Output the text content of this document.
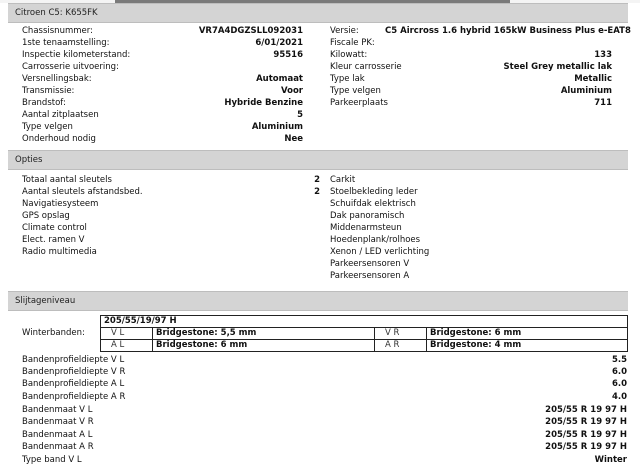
Citroen C5: K655FK
Chassisnummer:	VR7A4DGZSLL092031
1ste tenaamstelling:	6/01/2021
Inspectie kilometerstand:	95516
Carrosserie uitvoering:
Versnellingsbak:	Automaat
Transmissie:	Voor
Brandstof:	Hybride Benzine
Aantal zitplaatsen	5
Type velgen	Aluminium
Onderhoud nodig	Nee
Versie:	C5 Aircross 1.6 hybrid 165kW Business Plus e-EAT8
Fiscale PK:
Kilowatt:	133
Kleur carrosserie	Steel Grey metallic lak
Type lak	Metallic
Type velgen	Aluminium
Parkeerplaats	711
Opties
Totaal aantal sleutels	2
Aantal sleutels afstandsbed.	2
Navigatiesysteem
GPS opslag
Climate control
Elect. ramen V
Radio multimedia
Carkit
Stoelbekleding leder
Schuifdak elektrisch
Dak panoramisch
Middenarmsteun
Hoedenplank/rolhoes
Xenon / LED verlichting
Parkeersensoren V
Parkeersensoren A
Slijtageniveau
Winterbanden:
205/55/19/97 H			
V L	Bridgestone: 5,5 mm	V R	Bridgestone: 6 mm
A L	Bridgestone: 6 mm	A R	Bridgestone: 4 mm
Bandenprofieldiepte V L	5.5
Bandenprofieldiepte V R	6.0
Bandenprofieldiepte A L	6.0
Bandenprofieldiepte A R	4.0
Bandenmaat V L	205/55 R 19 97 H
Bandenmaat V R	205/55 R 19 97 H
Bandenmaat A L	205/55 R 19 97 H
Bandenmaat A R	205/55 R 19 97 H
Type band V L	Winter
